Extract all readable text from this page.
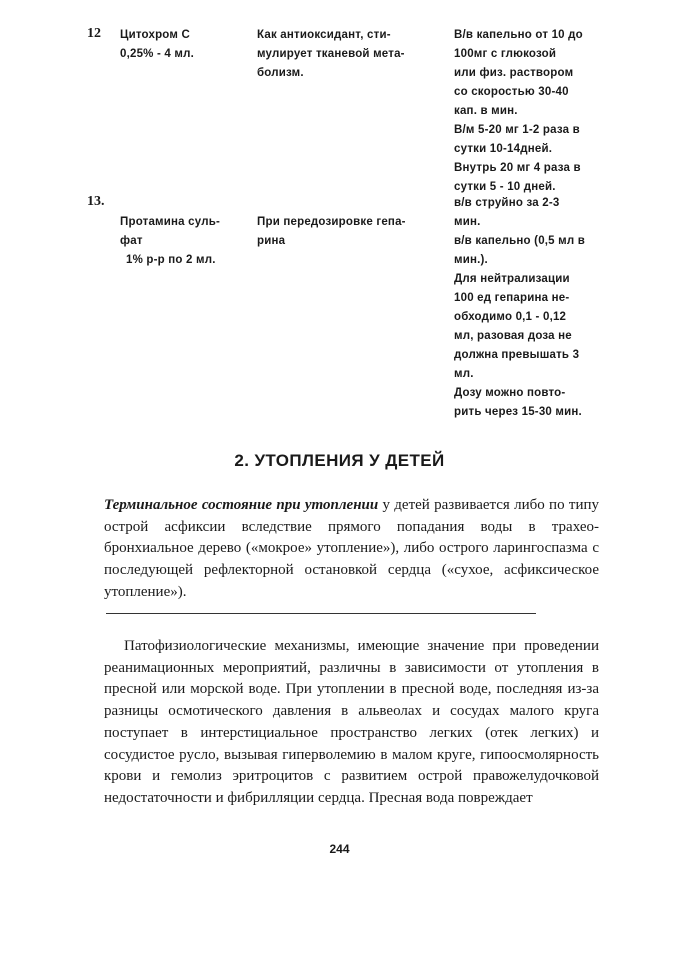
12 Цитохром С
0,25% - 4 мл.
Как антиоксидант, сти-
мулирует тканевой мета-
болизм.
В/в капельно от 10 до
100мг с глюкозой
или физ. раствором
со скоростью 30-40
кап. в мин.
В/м 5-20 мг 1-2 раза в
сутки 10-14дней.
Внутрь 20 мг 4 раза в
сутки 5 - 10 дней.
13.
Протамина суль-
фат
1% р-р по 2 мл.
При передозировке гепа-
рина
в/в струйно за 2-3
мин.
в/в капельно (0,5 мл в
мин.).
Для нейтрализации
100 ед гепарина не-
обходимо 0,1 - 0,12
мл, разовая доза не
должна превышать 3
мл.
Дозу можно повто-
рить через 15-30 мин.
2. УТОПЛЕНИЯ У ДЕТЕЙ
Терминальное состояние при утоплении у детей развивается либо по типу острой асфиксии вследствие прямого попадания воды в трахео-бронхиальное дерево («мокрое» утопление»), либо острого ларингоспазма с последующей рефлекторной остановкой сердца («сухое, асфиксическое утопление»).
Патофизиологические механизмы, имеющие значение при проведении реанимационных мероприятий, различны в зависимости от утопления в пресной или морской воде. При утоплении в пресной воде, последняя из-за разницы осмотического давления в альвеолах и сосудах малого круга поступает в интерстициальное пространство легких (отек легких) и сосудистое русло, вызывая гиперволемию в малом круге, гипоосмолярность крови и гемолиз эритроцитов с развитием острой правожелудочковой недостаточности и фибрилляции сердца. Пресная вода повреждает
244
